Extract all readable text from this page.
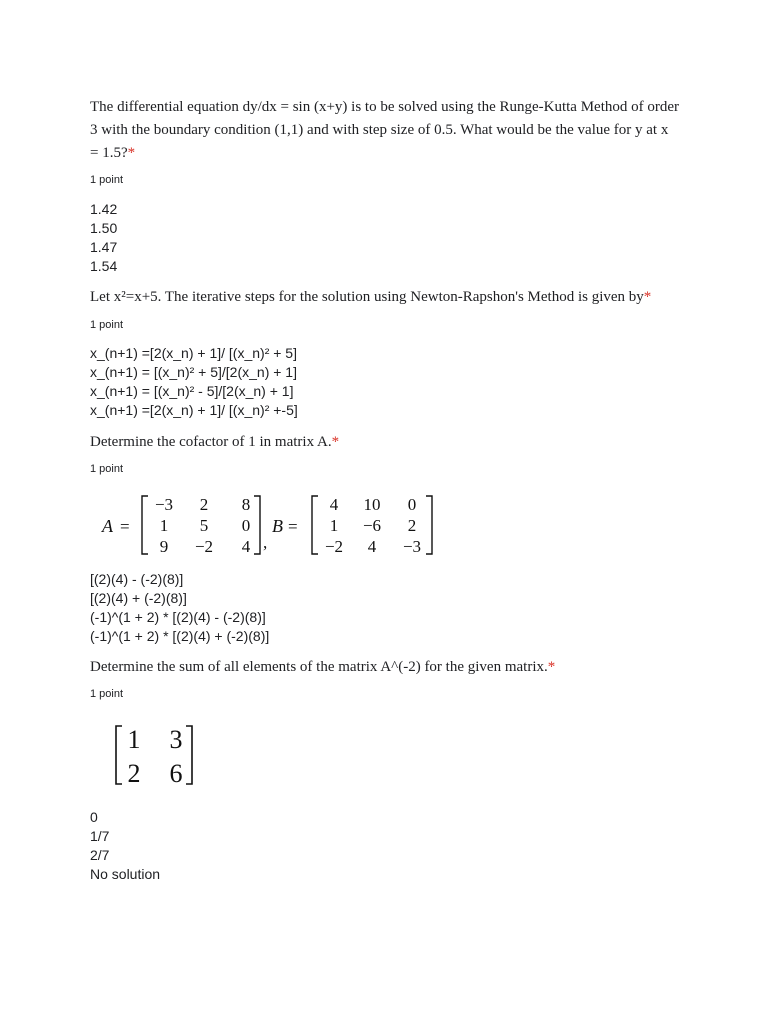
The differential equation dy/dx = sin (x+y) is to be solved using the Runge-Kutta Method of order 3 with the boundary condition (1,1) and with step size of 0.5. What would be the value for y at x = 1.5?*
1 point
1.42
1.50
1.47
1.54
Let x²=x+5. The iterative steps for the solution using Newton-Rapshon's Method is given by*
1 point
x_(n+1) =[2(x_n) + 1]/ [(x_n)² + 5]
x_(n+1) = [(x_n)² + 5]/[2(x_n) + 1]
x_(n+1) = [(x_n)² - 5]/[2(x_n) + 1]
x_(n+1) =[2(x_n) + 1]/ [(x_n)² +-5]
Determine the cofactor of 1 in matrix A.*
1 point
A =
−3 2 8
1 5 0
9 −2 4 ,
B =
4 10 0
1 −6 2
−2 4 −3
[(2)(4) - (-2)(8)]
[(2)(4) + (-2)(8)]
(-1)^(1 + 2) * [(2)(4) - (-2)(8)]
(-1)^(1 + 2) * [(2)(4) + (-2)(8)]
Determine the sum of all elements of the matrix A^(-2) for the given matrix.*
1 point
1 3
2 6
0
1/7
2/7
No solution
